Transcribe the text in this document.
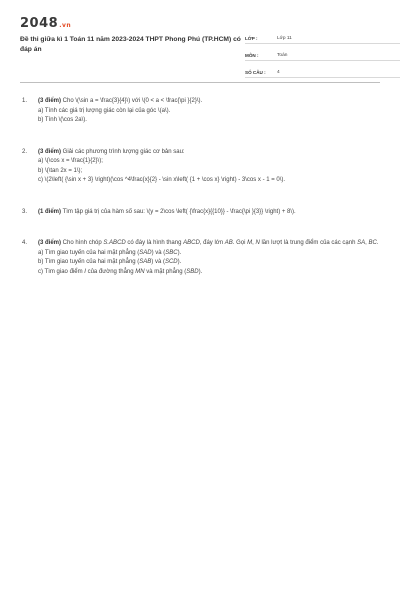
2048.vn
Đề thi giữa kì 1 Toán 11 năm 2023-2024 THPT Phong Phú (TP.HCM) có đáp án
LỚP :	Lớp 11
MÔN :	Toán
SỐ CÂU :	4
1.	(3 điểm) Cho \(\sin a = \frac{3}{4}\) với \(0 < a < \frac{\pi }{2}\).
a) Tính các giá trị lượng giác còn lại của góc \(a\).
b) Tính \(\cos 2a\).
2.	(3 điểm) Giải các phương trình lượng giác cơ bản sau:
a) \(\cos x = \frac{1}{2}\);
b) \(\tan 2x = 1\);
c) \(2\left( {\sin x + 3} \right)(\cos ^4\frac{x}{2} - \sin x\left( {1 + \cos x} \right) - 3\cos x - 1 = 0\).
3.	(1 điểm) Tìm tập giá trị của hàm số sau: \(y = 2\cos \left( {\frac{x}{{10}} - \frac{\pi }{3}} \right) + 8\).
4.	(3 điểm) Cho hình chóp S.ABCD có đáy là hình thang ABCD, đáy lớn AB. Gọi M, N lần lượt là trung điểm của các cạnh SA, BC.
a) Tìm giao tuyến của hai mặt phẳng (SAD) và (SBC).
b) Tìm giao tuyến của hai mặt phẳng (SAB) và (SCD).
c) Tìm giao điểm I của đường thẳng MN và mặt phẳng (SBD).
